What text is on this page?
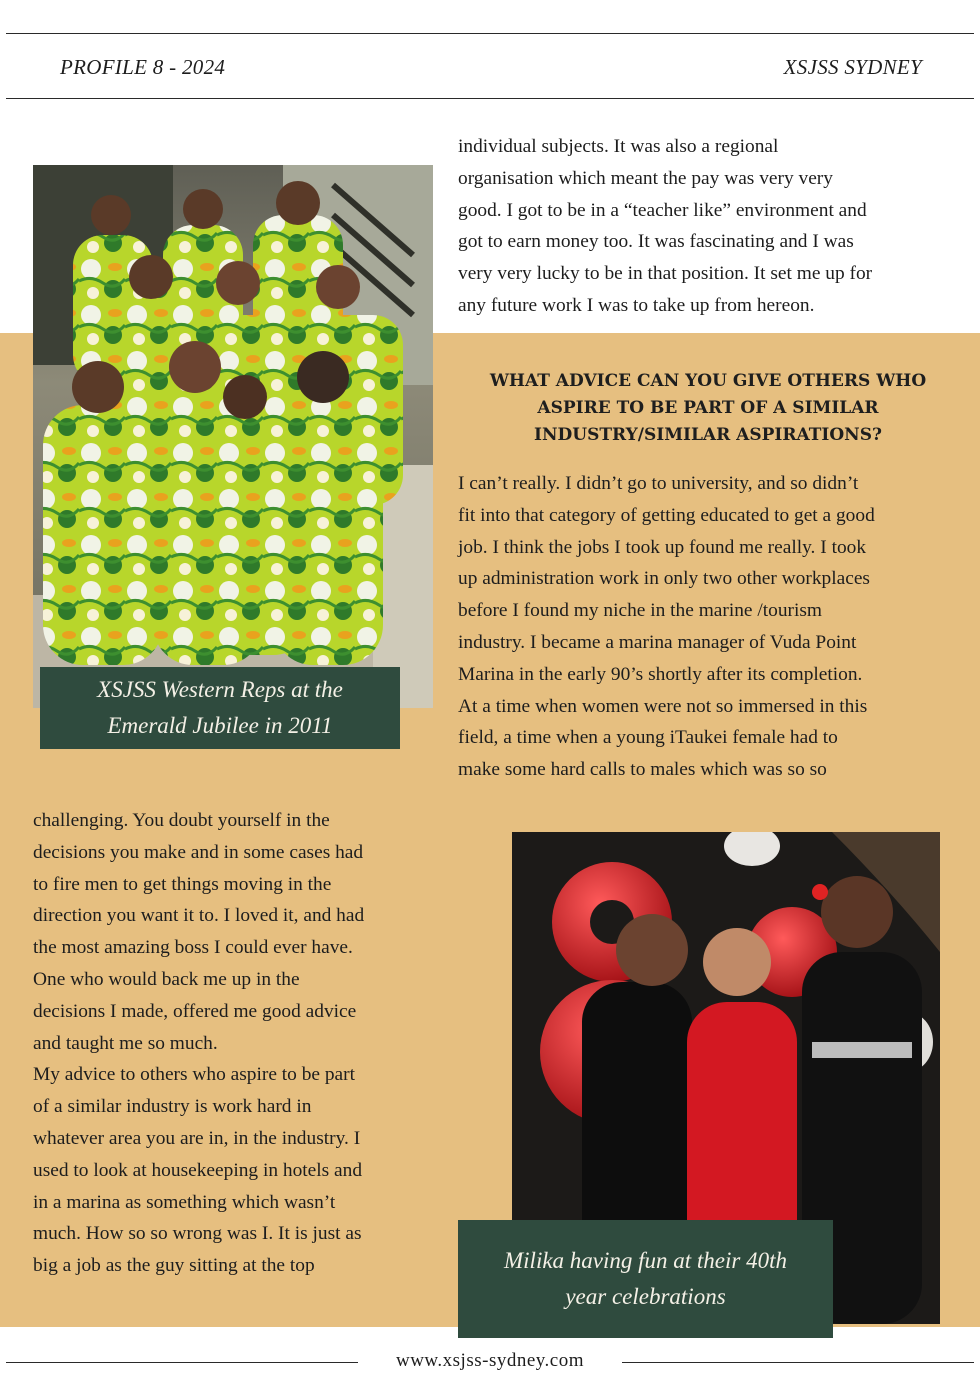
PROFILE 8 - 2024	XSJSS SYDNEY

individual subjects. It was also a regional

organisation which meant the pay was very very

good. I got to be in a “teacher like” environment and

got to earn money too. It was fascinating and I was

very very lucky to be in that position. It set me up for

any future work I was to take up from hereon.

XSJSS Western Reps at the
Emerald Jubilee in 2011
WHAT ADVICE CAN YOU GIVE OTHERS WHO
ASPIRE TO BE PART OF A SIMILAR
INDUSTRY/SIMILAR ASPIRATIONS?

I can’t really. I didn’t go to university, and so didn’t

fit into that category of getting educated to get a good

job. I think the jobs I took up found me really. I took

up administration work in only two other workplaces

before I found my niche in the marine /tourism

industry. I became a marina manager of Vuda Point

Marina in the early 90’s shortly after its completion.

At a time when women were not so immersed in this

field, a time when a young iTaukei female had to

make some hard calls to males which was so so

challenging. You doubt yourself in the

decisions you make and in some cases had

to fire men to get things moving in the

direction you want it to. I loved it, and had

the most amazing boss I could ever have.

One who would back me up in the

decisions I made, offered me good advice

and taught me so much.

My advice to others who aspire to be part

of a similar industry is work hard in

whatever area you are in, in the industry. I

used to look at housekeeping in hotels and

in a marina as something which wasn’t

much. How so so wrong was I. It is just as

big a job as the guy sitting at the top	Milika having fun at their 40th
year celebrations
www.xsjss-sydney.com
